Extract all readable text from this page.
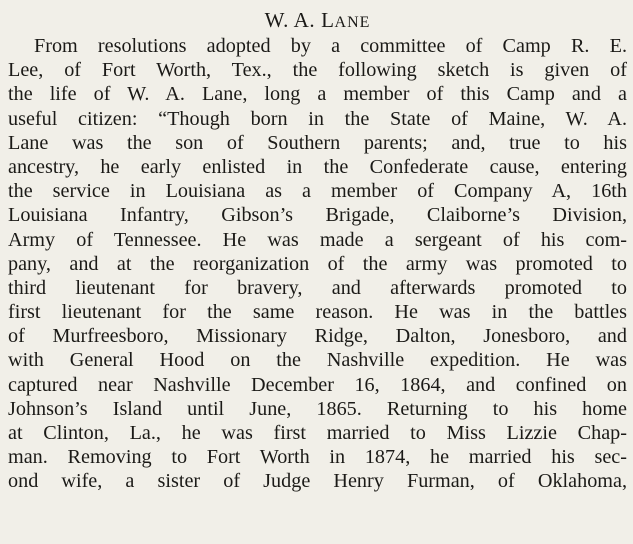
W. A. LANE
From resolutions adopted by a committee of Camp R. E.
Lee, of Fort Worth, Tex., the following sketch is given of
the life of W. A. Lane, long a member of this Camp and a
useful citizen: “Though born in the State of Maine, W. A.
Lane was the son of Southern parents; and, true to his
ancestry, he early enlisted in the Confederate cause, entering
the service in Louisiana as a member of Company A, 16th
Louisiana Infantry, Gibson’s Brigade, Claiborne’s Division,
Army of Tennessee. He was made a sergeant of his com-
pany, and at the reorganization of the army was promoted to
third lieutenant for bravery, and afterwards promoted to
first lieutenant for the same reason. He was in the battles
of Murfreesboro, Missionary Ridge, Dalton, Jonesboro, and
with General Hood on the Nashville expedition. He was
captured near Nashville December 16, 1864, and confined on
Johnson’s Island until June, 1865. Returning to his home
at Clinton, La., he was first married to Miss Lizzie Chap-
man. Removing to Fort Worth in 1874, he married his sec-
ond wife, a sister of Judge Henry Furman, of Oklahoma,
